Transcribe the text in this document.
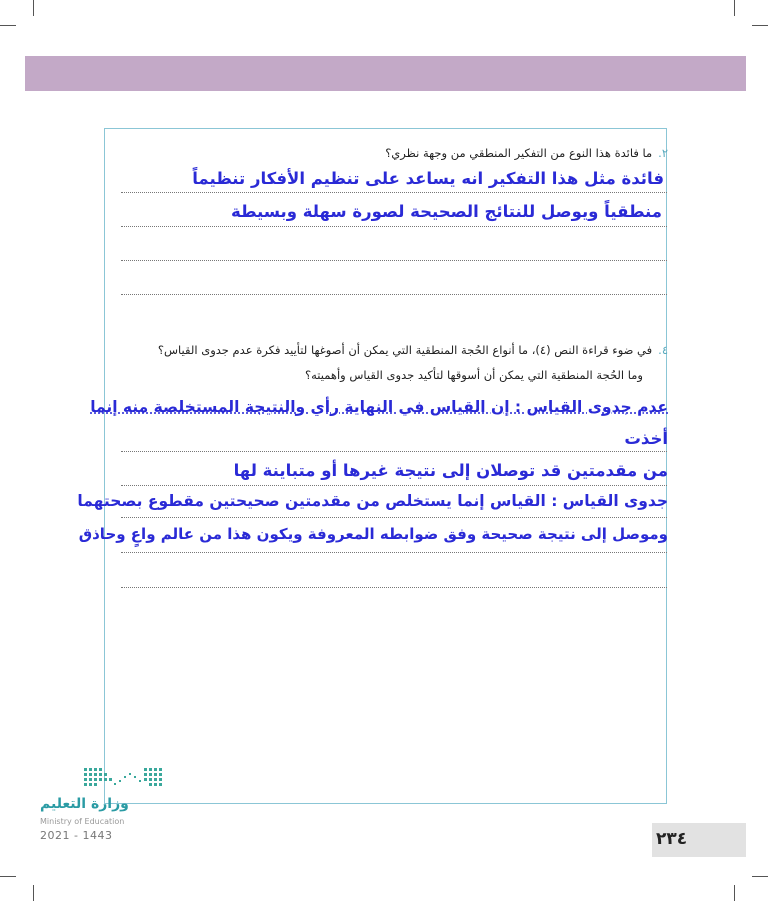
٢.ما فائدة هذا النوع من التفكير المنطقي من وجهة نظري؟
فائدة مثل هذا التفكير انه يساعد على تنظيم الأفكار تنظيماً
منطقياً ويوصل للنتائج الصحيحة لصورة سهلة وبسيطة
٤.في ضوء قراءة النص (٤)، ما أنواع الحُجة المنطقية التي يمكن أن أصوغها لتأييد فكرة عدم جدوى القياس؟
وما الحُجة المنطقية التي يمكن أن أسوقها لتأكيد جدوى القياس وأهميته؟
عدم جدوى القياس : إن القياس في النهاية رأي والنتيجة المستخلصة منه إنما
أخذت
من مقدمتين قد توصلان إلى نتيجة غيرها أو متباينة لها
جدوى القياس : القياس إنما يستخلص من مقدمتين صحيحتين مقطوع بصحتهما
وموصل إلى نتيجة صحيحة وفق ضوابطه المعروفة ويكون هذا من عالم واعٍ وحاذق
وزارة التعليم
Ministry of Education
2021 - 1443	٢٣٤
